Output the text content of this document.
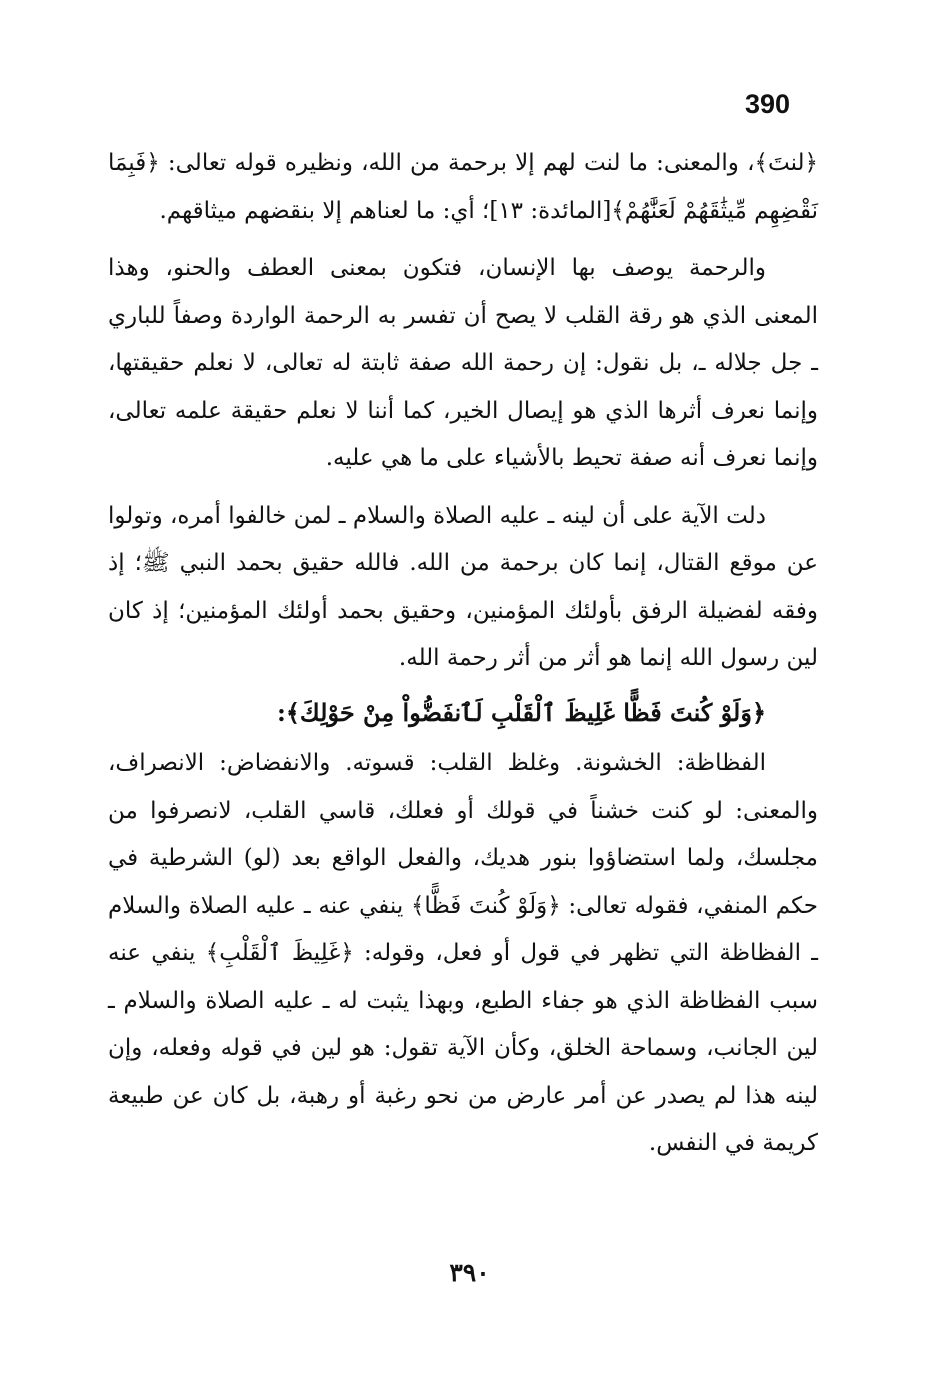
390

﴿لنتَ﴾، والمعنى: ما لنت لهم إلا برحمة من الله، ونظيره قوله تعالى: ﴿فَبِمَا نَقْضِهِم مِّيثَٰقَهُمْ لَعَنَّٰهُمْ﴾[المائدة: ١٣]؛ أي: ما لعناهم إلا بنقضهم ميثاقهم.

والرحمة يوصف بها الإنسان، فتكون بمعنى العطف والحنو، وهذا المعنى الذي هو رقة القلب لا يصح أن تفسر به الرحمة الواردة وصفاً للباري ـ جل جلاله ـ، بل نقول: إن رحمة الله صفة ثابتة له تعالى، لا نعلم حقيقتها، وإنما نعرف أثرها الذي هو إيصال الخير، كما أننا لا نعلم حقيقة علمه تعالى، وإنما نعرف أنه صفة تحيط بالأشياء على ما هي عليه.

دلت الآية على أن لينه ـ عليه الصلاة والسلام ـ لمن خالفوا أمره، وتولوا عن موقع القتال، إنما كان برحمة من الله. فالله حقيق بحمد النبي ﷺ؛ إذ وفقه لفضيلة الرفق بأولئك المؤمنين، وحقيق بحمد أولئك المؤمنين؛ إذ كان لين رسول الله إنما هو أثر من أثر رحمة الله.

﴿وَلَوْ كُنتَ فَظًّا غَلِيظَ ٱلْقَلْبِ لَٱنفَضُّواْ مِنْ حَوْلِكَ﴾:

الفظاظة: الخشونة. وغلظ القلب: قسوته. والانفضاض: الانصراف، والمعنى: لو كنت خشناً في قولك أو فعلك، قاسي القلب، لانصرفوا من مجلسك، ولما استضاؤوا بنور هديك، والفعل الواقع بعد (لو) الشرطية في حكم المنفي، فقوله تعالى: ﴿وَلَوْ كُنتَ فَظًّا﴾ ينفي عنه ـ عليه الصلاة والسلام ـ الفظاظة التي تظهر في قول أو فعل، وقوله: ﴿غَلِيظَ ٱلْقَلْبِ﴾ ينفي عنه سبب الفظاظة الذي هو جفاء الطبع، وبهذا يثبت له ـ عليه الصلاة والسلام ـ لين الجانب، وسماحة الخلق، وكأن الآية تقول: هو لين في قوله وفعله، وإن لينه هذا لم يصدر عن أمر عارض من نحو رغبة أو رهبة، بل كان عن طبيعة كريمة في النفس.

٣٩٠
